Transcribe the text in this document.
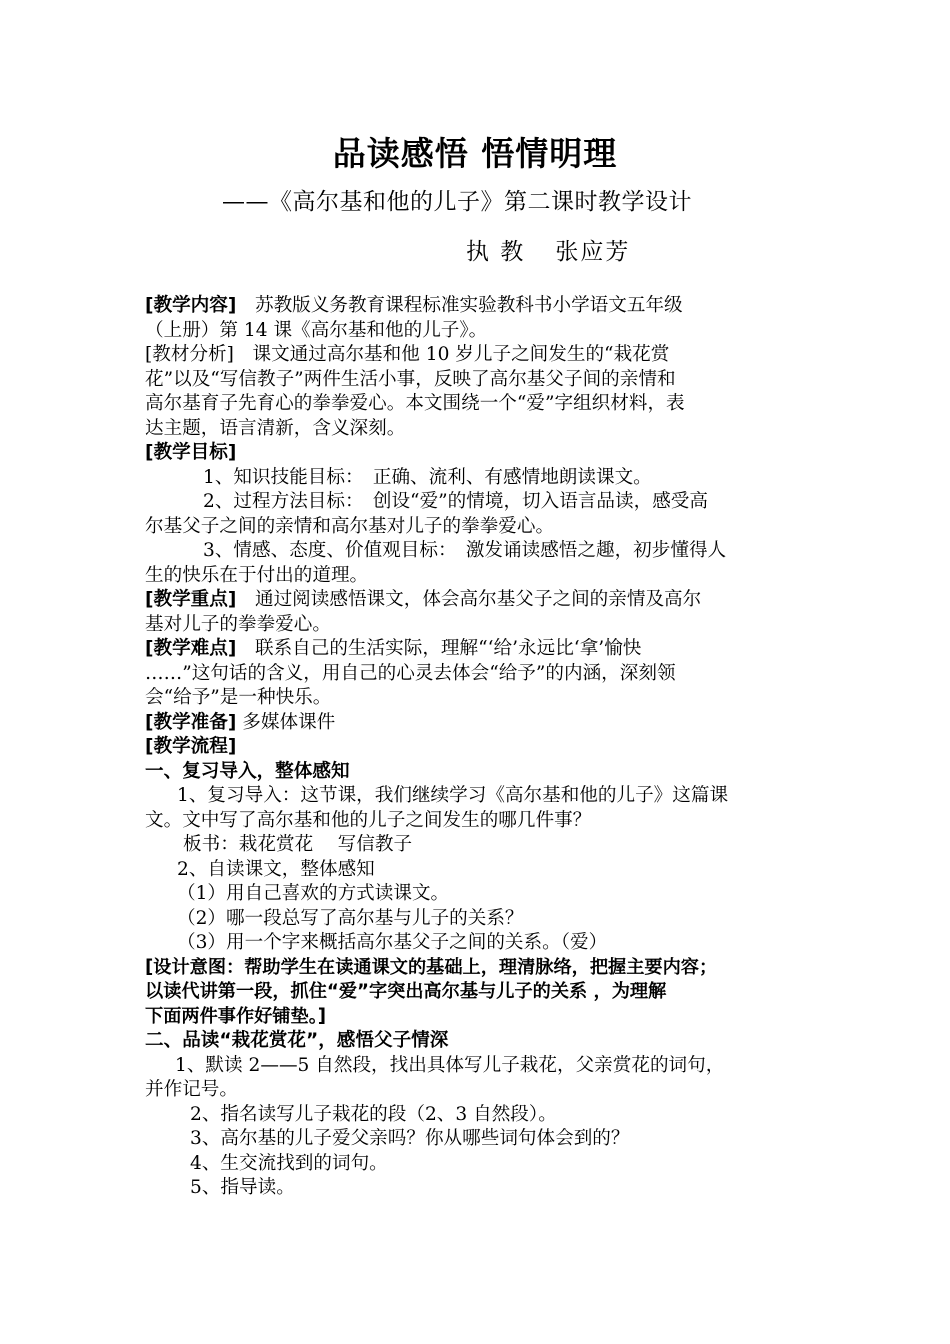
品读感悟 悟情明理
——《高尔基和他的儿子》第二课时教学设计
执 教 张应芳

[教学内容]　苏教版义务教育课程标准实验教科书小学语文五年级

（上册）第 14 课《高尔基和他的儿子》。

[教材分析]　课文通过高尔基和他 10 岁儿子之间发生的“栽花赏

花”以及“写信教子”两件生活小事，反映了高尔基父子间的亲情和

高尔基育子先育心的拳拳爱心。本文围绕一个“爱”字组织材料，表

达主题，语言清新，含义深刻。

[教学目标]

1、知识技能目标：　正确、流利、有感情地朗读课文。

2、过程方法目标：　创设“爱”的情境，切入语言品读，感受高

尔基父子之间的亲情和高尔基对儿子的拳拳爱心。

3、情感、态度、价值观目标：　激发诵读感悟之趣，初步懂得人

生的快乐在于付出的道理。

[教学重点]　通过阅读感悟课文，体会高尔基父子之间的亲情及高尔

基对儿子的拳拳爱心。

[教学难点]　联系自己的生活实际，理解“‘给’永远比‘拿’愉快

……”这句话的含义，用自己的心灵去体会“给予”的内涵，深刻领

会“给予”是一种快乐。

[教学准备] 多媒体课件

[教学流程]

一、复习导入，整体感知

1、复习导入：这节课，我们继续学习《高尔基和他的儿子》这篇课

文。文中写了高尔基和他的儿子之间发生的哪几件事？

板书：栽花赏花　 写信教子

2、自读课文，整体感知

（1）用自己喜欢的方式读课文。

（2）哪一段总写了高尔基与儿子的关系？

（3）用一个字来概括高尔基父子之间的关系。（爱）

[设计意图：帮助学生在读通课文的基础上，理清脉络，把握主要内容；

以读代讲第一段，抓住“爱”字突出高尔基与儿子的关系 ，为理解

下面两件事作好铺垫。]

二、品读“栽花赏花”，感悟父子情深

1、默读 2——5 自然段，找出具体写儿子栽花，父亲赏花的词句，

并作记号。

2、指名读写儿子栽花的段（2、3 自然段）。

3、高尔基的儿子爱父亲吗？你从哪些词句体会到的？

4、生交流找到的词句。

5、指导读。
